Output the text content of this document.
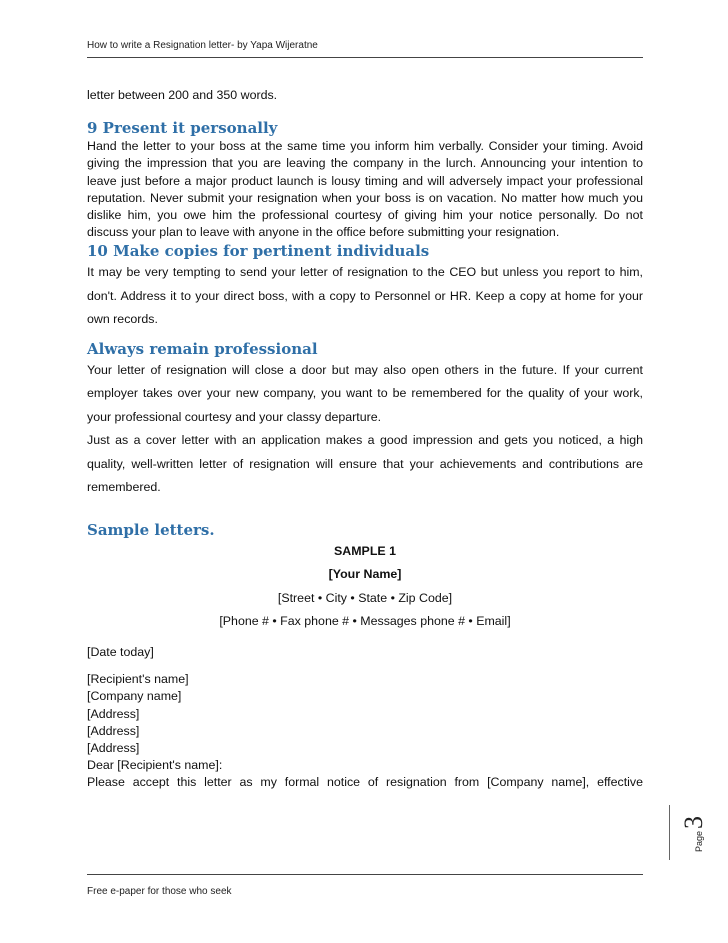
How to write a Resignation letter- by Yapa Wijeratne

letter between 200 and 350 words.

9 Present it personally

Hand the letter to your boss at the same time you inform him verbally. Consider your timing. Avoid giving the impression that you are leaving the company in the lurch. Announcing your intention to leave just before a major product launch is lousy timing and will adversely impact your professional reputation. Never submit your resignation when your boss is on vacation. No matter how much you dislike him, you owe him the professional courtesy of giving him your notice personally. Do not discuss your plan to leave with anyone in the office before submitting your resignation.

10 Make copies for pertinent individuals

It may be very tempting to send your letter of resignation to the CEO but unless you report to him, don't. Address it to your direct boss, with a copy to Personnel or HR. Keep a copy at home for your own records.

Always remain professional

Your letter of resignation will close a door but may also open others in the future. If your current employer takes over your new company, you want to be remembered for the quality of your work, your professional courtesy and your classy departure.

Just as a cover letter with an application makes a good impression and gets you noticed, a high quality, well-written letter of resignation will ensure that your achievements and contributions are remembered.

Sample letters.

SAMPLE 1

[Your Name]

[Street • City • State • Zip Code]

[Phone # • Fax phone # • Messages phone # • Email]

[Date today]

[Recipient's name]

[Company name]

[Address]

[Address]

[Address]

Dear [Recipient's name]:

Please accept this letter as my formal notice of resignation from [Company name], effective

Page3
Free e-paper for those who seek
